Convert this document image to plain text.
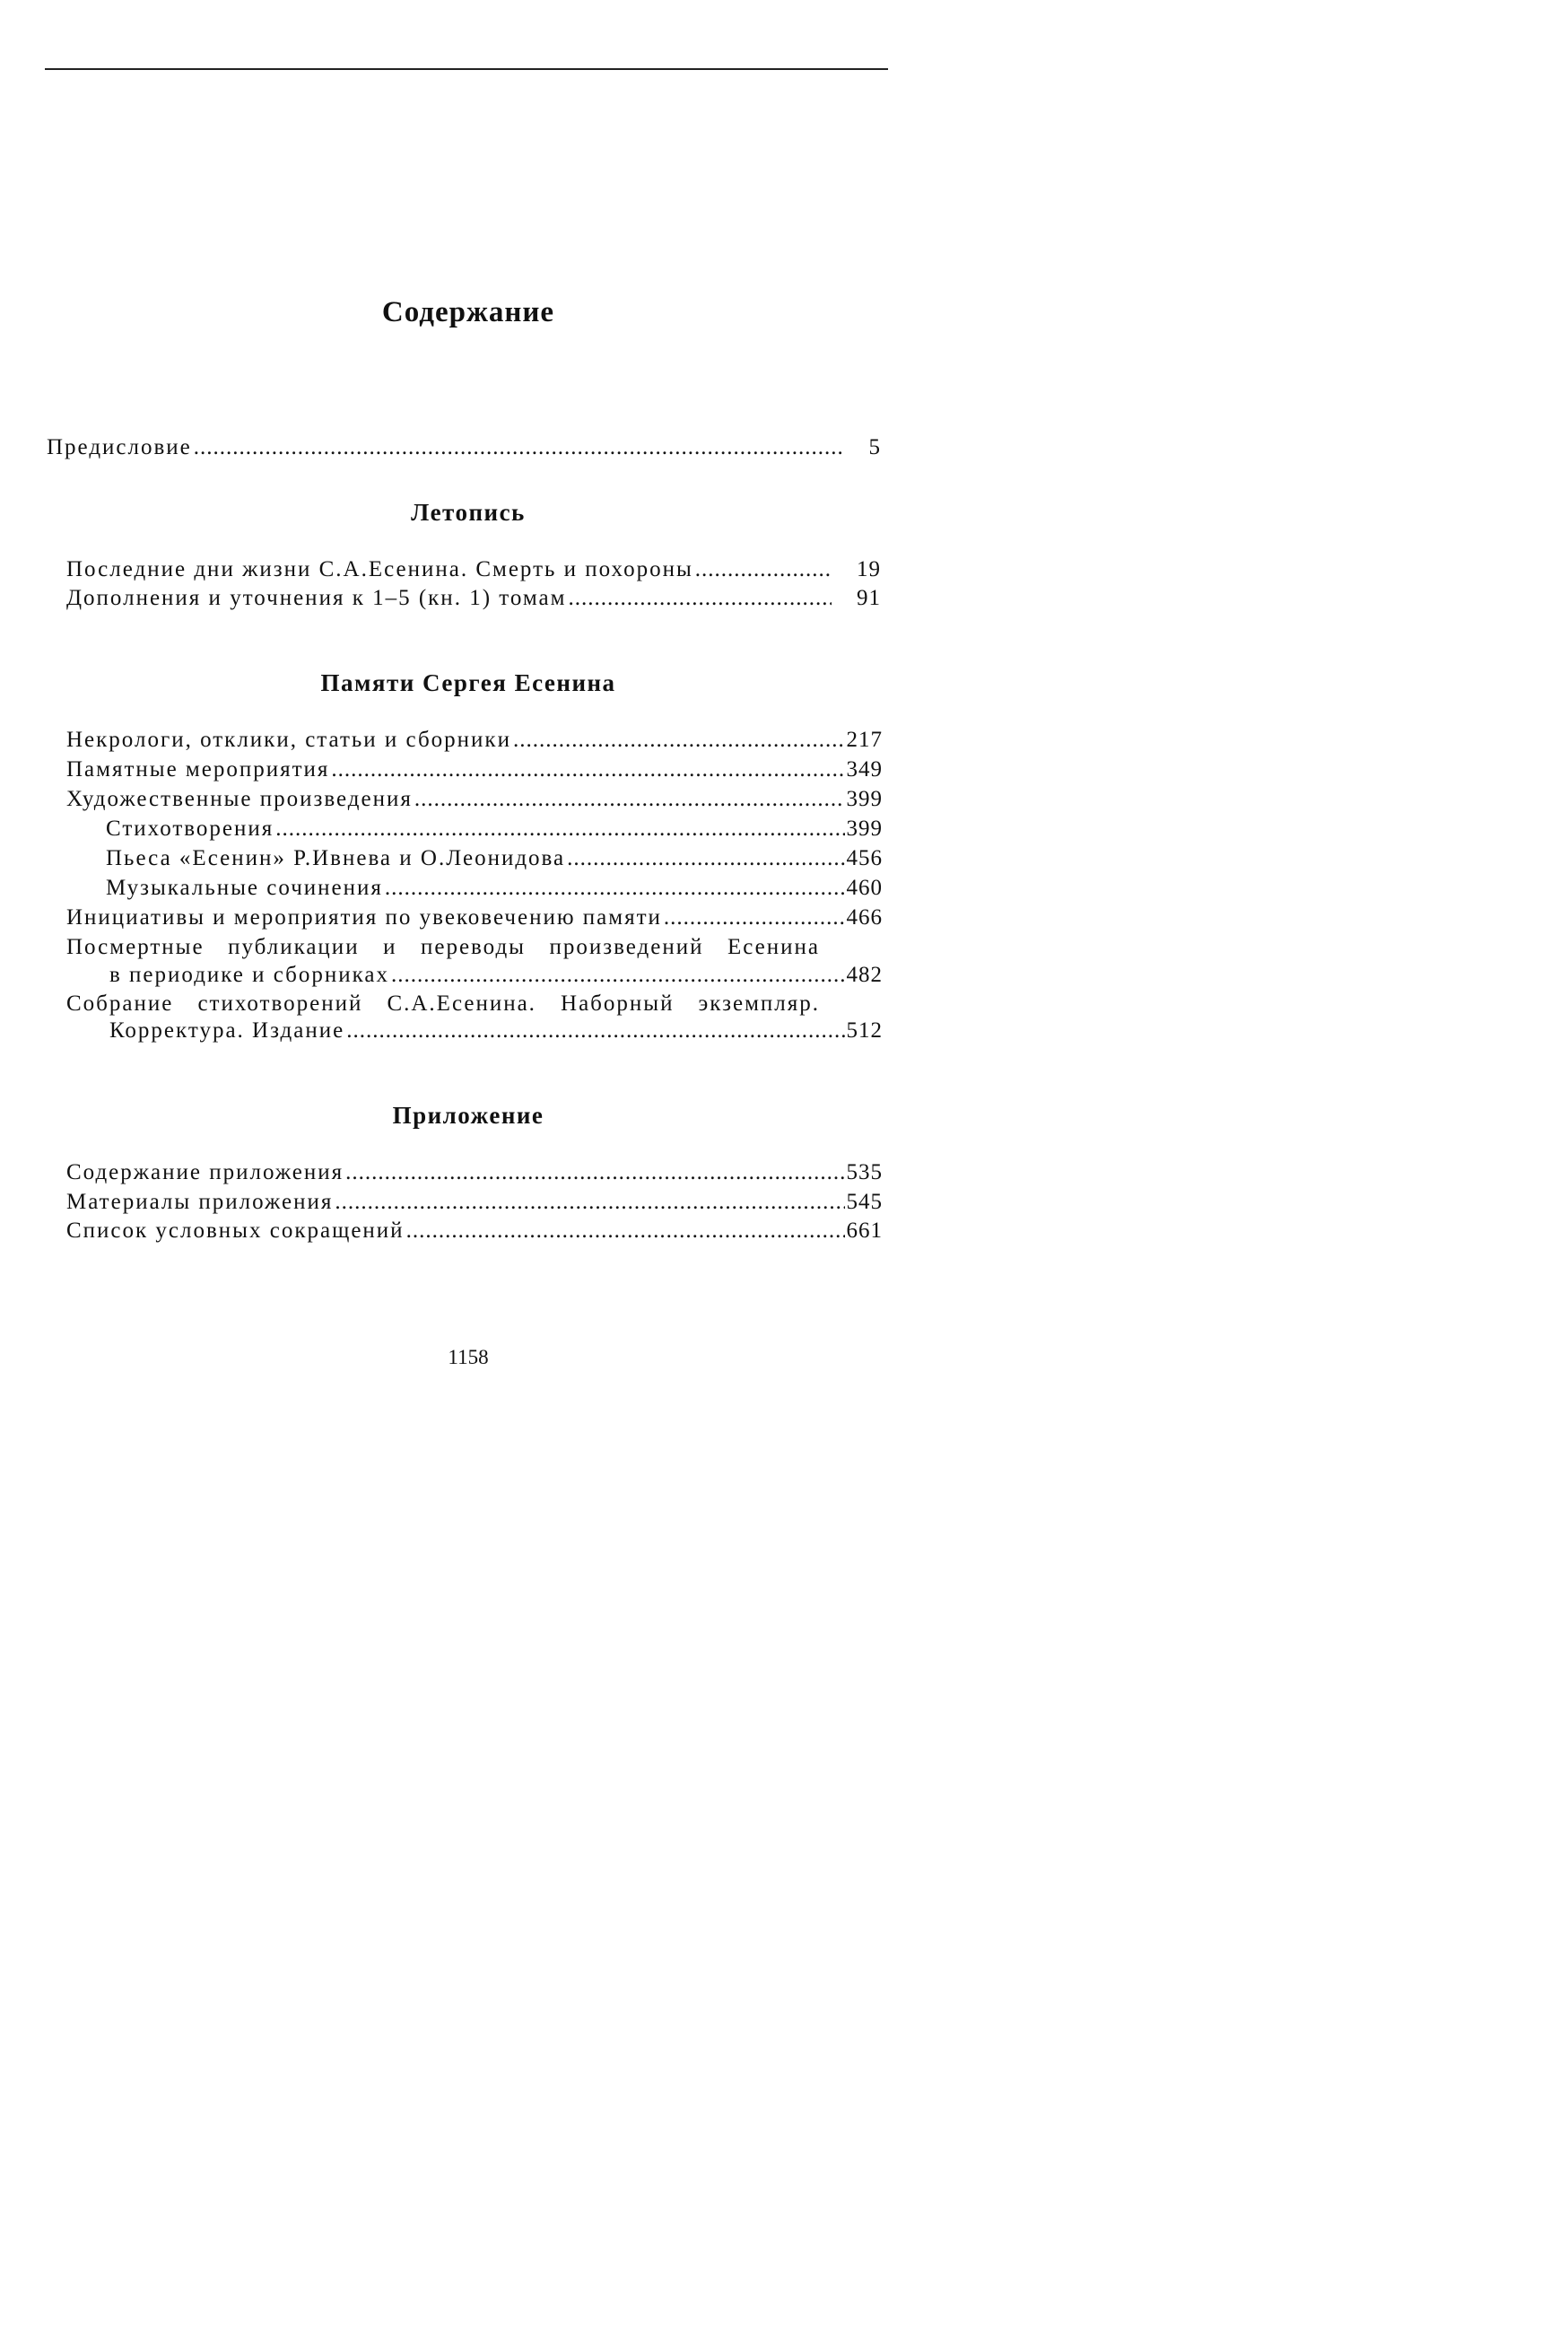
Содержание
Предисловие .....	5
Летопись
Последние дни жизни С.А.Есенина. Смерть и похороны .....	19
Дополнения и уточнения к 1–5 (кн. 1) томам .....	91
Памяти Сергея Есенина
Некрологи, отклики, статьи и сборники .....	217
Памятные мероприятия .....	349
Художественные произведения .....	399
Стихотворения .....	399
Пьеса «Есенин» Р.Ивнева и О.Леонидова .....	456
Музыкальные сочинения .....	460
Инициативы и мероприятия по увековечению памяти .....	466
Посмертные публикации и переводы произведений Есенина
в периодике и сборниках .....	482
Собрание стихотворений С.А.Есенина. Наборный экземпляр.
Корректура. Издание .....	512
Приложение
Содержание приложения .....	535
Материалы приложения .....	545
Список условных сокращений .....	661
1158
